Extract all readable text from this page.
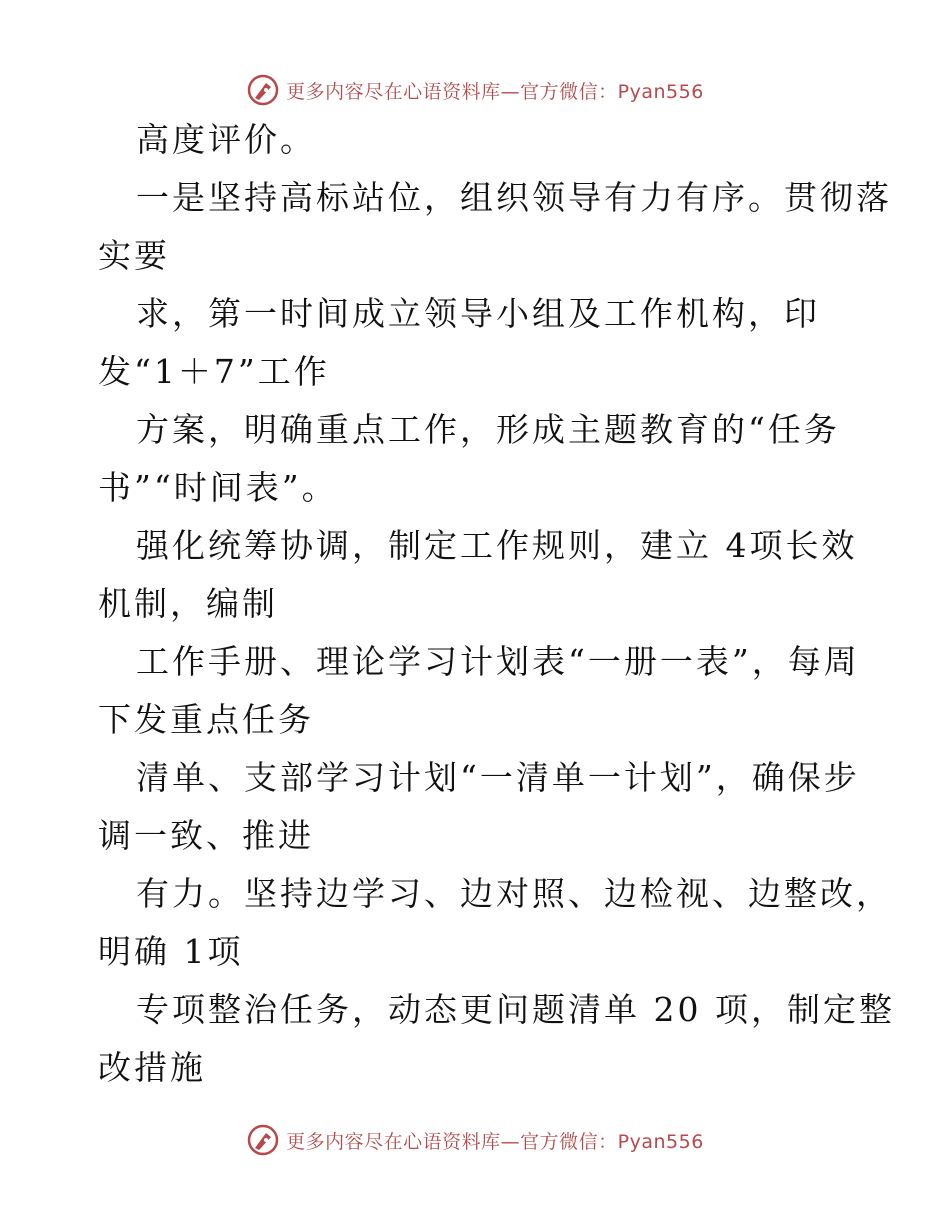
更多内容尽在心语资料库—官方微信：Pyan556
高度评价。
一是坚持高标站位，组织领导有力有序。贯彻落
实要
求，第一时间成立领导小组及工作机构，印
发“1＋7”工作
方案，明确重点工作，形成主题教育的“任务
书”“时间表”。
强化统筹协调，制定工作规则，建立 4项长效
机制，编制
工作手册、理论学习计划表“一册一表”，每周
下发重点任务
清单、支部学习计划“一清单一计划”，确保步
调一致、推进
有力。坚持边学习、边对照、边检视、边整改，
明确 1项
专项整治任务，动态更问题清单 20 项，制定整
改措施
更多内容尽在心语资料库—官方微信：Pyan556
